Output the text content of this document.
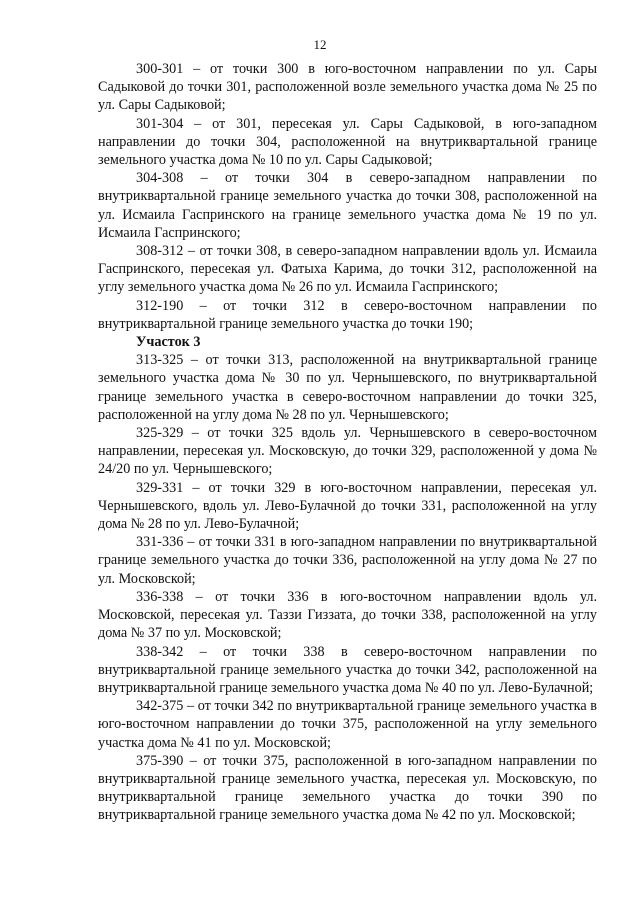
12

300-301 – от точки 300 в юго-восточном направлении по ул. Сары Садыковой до точки 301, расположенной возле земельного участка дома № 25 по ул. Сары Садыковой;

301-304 – от 301, пересекая ул. Сары Садыковой, в юго-западном направлении до точки 304, расположенной на внутриквартальной границе земельного участка дома № 10 по ул. Сары Садыковой;

304-308 – от точки 304 в северо-западном направлении по внутриквартальной границе земельного участка до точки 308, расположенной на ул. Исмаила Гаспринского на границе земельного участка дома № 19 по ул. Исмаила Гаспринского;

308-312 – от точки 308, в северо-западном направлении вдоль ул. Исмаила Гаспринского, пересекая ул. Фатыха Карима, до точки 312, расположенной на углу земельного участка дома № 26 по ул. Исмаила Гаспринского;

312-190 – от точки 312 в северо-восточном направлении по внутриквартальной границе земельного участка до точки 190;

Участок 3

313-325 – от точки 313, расположенной на внутриквартальной границе земельного участка дома № 30 по ул. Чернышевского, по внутриквартальной границе земельного участка в северо-восточном направлении до точки 325, расположенной на углу дома № 28 по ул. Чернышевского;

325-329 – от точки 325 вдоль ул. Чернышевского в северо-восточном направлении, пересекая ул. Московскую, до точки 329, расположенной у дома № 24/20 по ул. Чернышевского;

329-331 – от точки 329 в юго-восточном направлении, пересекая ул. Чернышевского, вдоль ул. Лево-Булачной до точки 331, расположенной на углу дома № 28 по ул. Лево-Булачной;

331-336 – от точки 331 в юго-западном направлении по внутриквартальной границе земельного участка до точки 336, расположенной на углу дома № 27 по ул. Московской;

336-338 – от точки 336 в юго-восточном направлении вдоль ул. Московской, пересекая ул. Таззи Гиззата, до точки 338, расположенной на углу дома № 37 по ул. Московской;

338-342 – от точки 338 в северо-восточном направлении по внутриквартальной границе земельного участка до точки 342, расположенной на внутриквартальной границе земельного участка дома № 40 по ул. Лево-Булачной;

342-375 – от точки 342 по внутриквартальной границе земельного участка в юго-восточном направлении до точки 375, расположенной на углу земельного участка дома № 41 по ул. Московской;

375-390 – от точки 375, расположенной в юго-западном направлении по внутриквартальной границе земельного участка, пересекая ул. Московскую, по внутриквартальной границе земельного участка до точки 390 по внутриквартальной границе земельного участка дома № 42 по ул. Московской;
